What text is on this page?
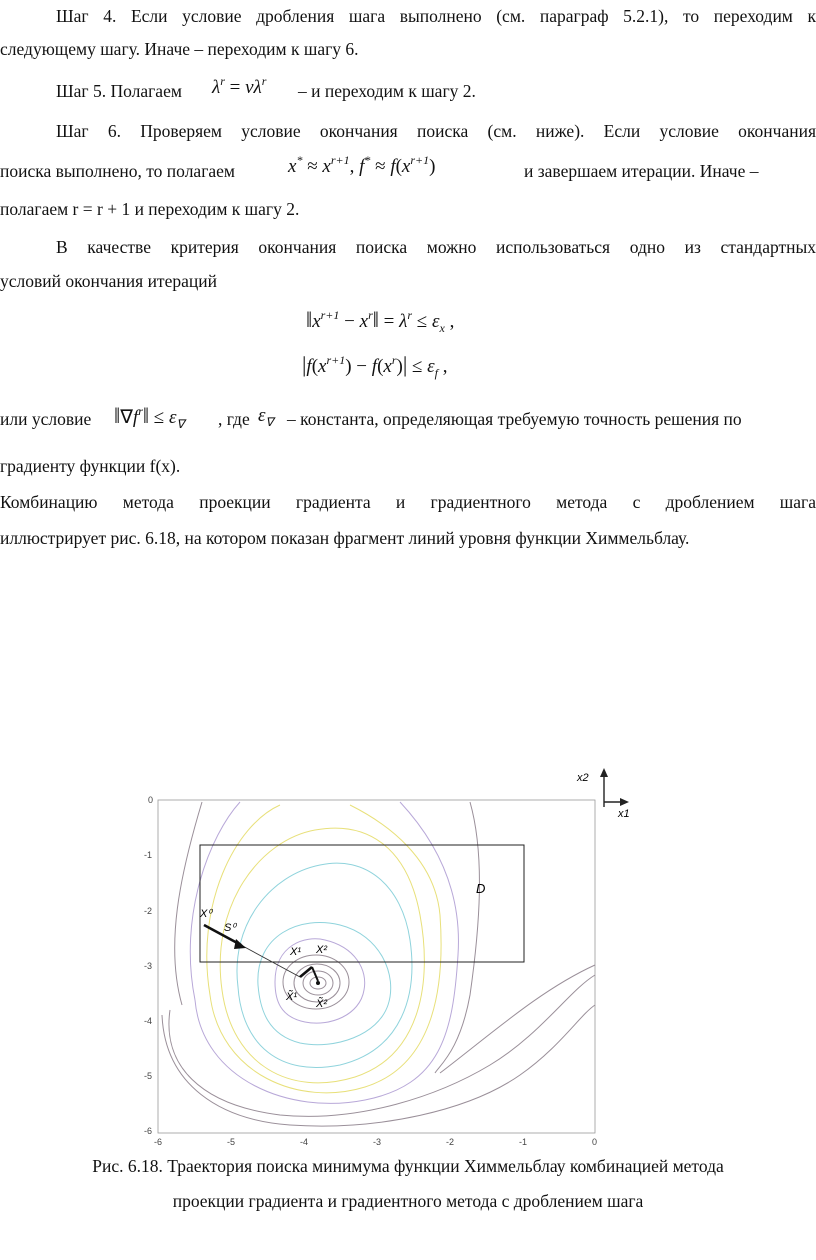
Шаг 4. Если условие дробления шага выполнено (см. параграф 5.2.1), то переходим к
следующему шагу. Иначе – переходим к шагу 6.
Шаг 5. Полагаем $\lambda^r = \nu\lambda^r - и$ переходим к шагу 2.
Шаг 6. Проверяем условие окончания поиска (см. ниже). Если условие окончания
поиска выполнено, то полагаем	$x^* \approx x^{r+1}$, $f^* \approx f(x^{r+1})$	и завершаем итерации. Иначе –
полагаем r = r + 1 и переходим к шагу 2.
В качестве критерия окончания поиска можно использоваться одно из стандартных
условий окончания итераций
$‖x^{r+1}$ − $x^r‖ = \lambda^r \le \varepsilon_x$ ,
$|f(x^{r+1}) - f(x^r)| \le \varepsilon_f$ ,
или условие $‖\nabla f^r‖ \le \varepsilon_\nabla$ , где $\varepsilon_\nabla$ – константа, определяющая требуемую точность решения по
градиенту функции f(x).
Комбинацию метода проекции градиента и градиентного метода с дроблением шага
иллюстрирует рис. 6.18, на котором показан фрагмент линий уровня функции Химмельблау.
x2
x1
D
X⁰
S⁰
X¹ X²
X̃¹
X̃²
-6	-5	-4	-3	-2	-1	0
0
-1
-2
-3
-4
-5
-6
Рис. 6.18. Траектория поиска минимума функции Химмельблау комбинацией метода
проекции градиента и градиентного метода с дроблением шага
